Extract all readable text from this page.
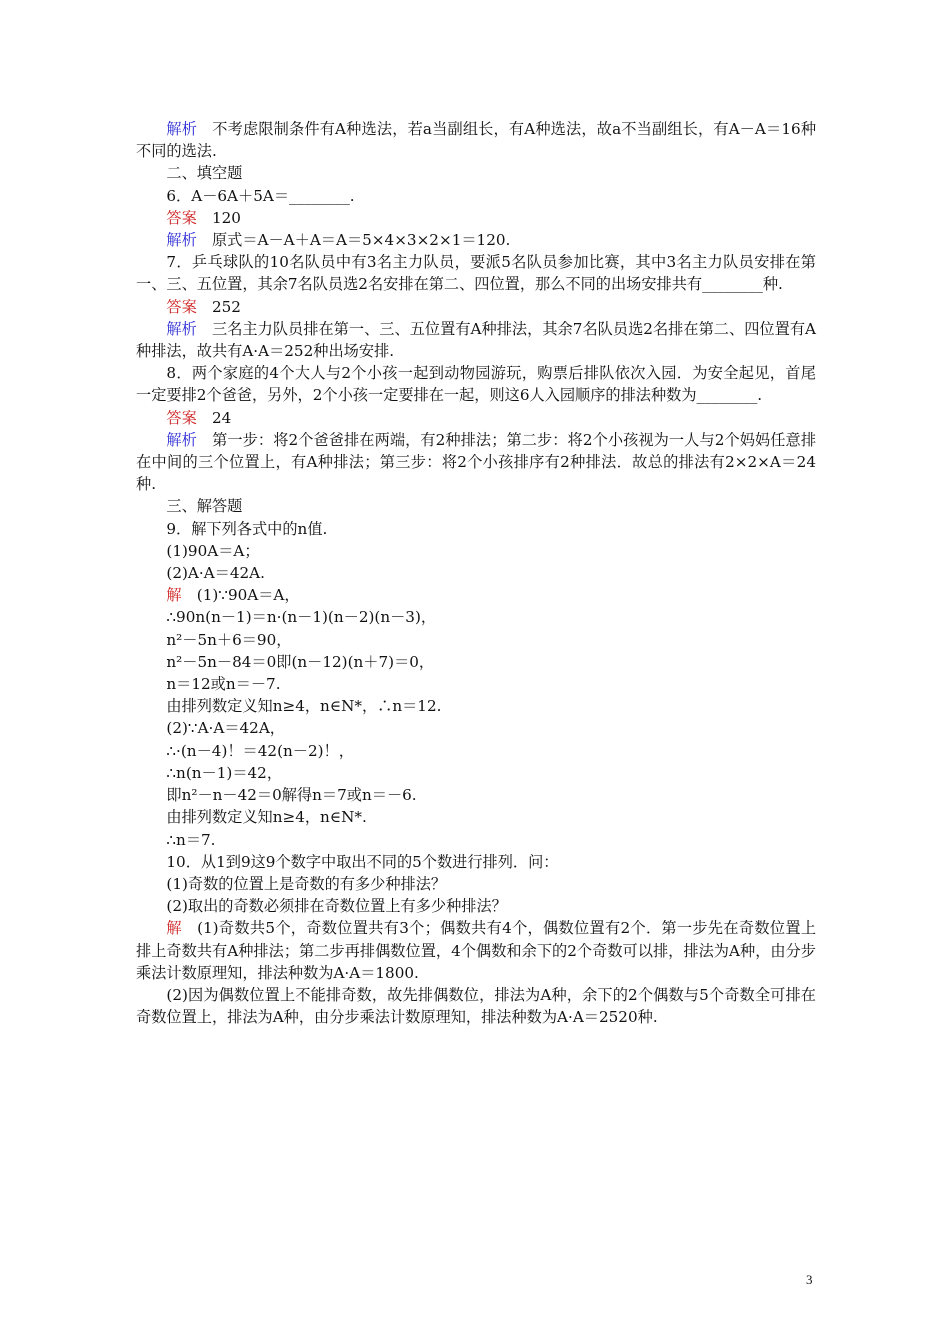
解析 不考虑限制条件有A种选法，若a当副组长，有A种选法，故a不当副组长，有A－A＝16种不同的选法.

二、填空题

6．A－6A＋5A＝________.

答案 120

解析 原式＝A－A＋A＝A＝5×4×3×2×1＝120.

7．乒乓球队的10名队员中有3名主力队员，要派5名队员参加比赛，其中3名主力队员安排在第一、三、五位置，其余7名队员选2名安排在第二、四位置，那么不同的出场安排共有________种.

答案 252

解析 三名主力队员排在第一、三、五位置有A种排法，其余7名队员选2名排在第二、四位置有A种排法，故共有A·A＝252种出场安排.

8．两个家庭的4个大人与2个小孩一起到动物园游玩，购票后排队依次入园．为安全起见，首尾一定要排2个爸爸，另外，2个小孩一定要排在一起，则这6人入园顺序的排法种数为________.

答案 24

解析 第一步：将2个爸爸排在两端，有2种排法；第二步：将2个小孩视为一人与2个妈妈任意排在中间的三个位置上，有A种排法；第三步：将2个小孩排序有2种排法．故总的排法有2×2×A＝24种.

三、解答题

9．解下列各式中的n值.

(1)90A＝A；

(2)A·A＝42A.

解 (1)∵90A＝A，

∴90n(n－1)＝n·(n－1)(n－2)(n－3)，

n²－5n＋6＝90，

n²－5n－84＝0即(n－12)(n＋7)＝0，

n＝12或n＝－7.

由排列数定义知n≥4，n∈N*，∴n＝12.

(2)∵A·A＝42A，

∴·(n－4)！＝42(n－2)！，

∴n(n－1)＝42，

即n²－n－42＝0解得n＝7或n＝－6.

由排列数定义知n≥4，n∈N*.

∴n＝7.

10．从1到9这9个数字中取出不同的5个数进行排列．问：

(1)奇数的位置上是奇数的有多少种排法？

(2)取出的奇数必须排在奇数位置上有多少种排法？

解 (1)奇数共5个，奇数位置共有3个；偶数共有4个，偶数位置有2个．第一步先在奇数位置上排上奇数共有A种排法；第二步再排偶数位置，4个偶数和余下的2个奇数可以排，排法为A种，由分步乘法计数原理知，排法种数为A·A＝1800.

(2)因为偶数位置上不能排奇数，故先排偶数位，排法为A种，余下的2个偶数与5个奇数全可排在奇数位置上，排法为A种，由分步乘法计数原理知，排法种数为A·A＝2520种.

3
